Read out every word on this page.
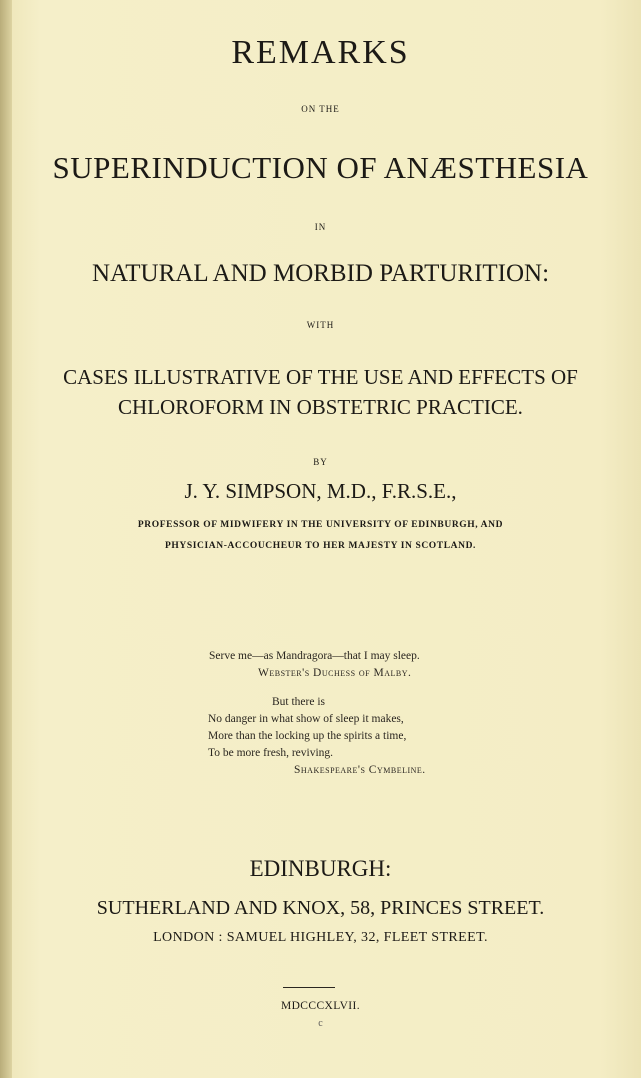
REMARKS
ON THE
SUPERINDUCTION OF ANÆSTHESIA
IN
NATURAL AND MORBID PARTURITION:
WITH
CASES ILLUSTRATIVE OF THE USE AND EFFECTS OF
CHLOROFORM IN OBSTETRIC PRACTICE.
BY
J. Y. SIMPSON, M.D., F.R.S.E.,
PROFESSOR OF MIDWIFERY IN THE UNIVERSITY OF EDINBURGH, AND
PHYSICIAN-ACCOUCHEUR TO HER MAJESTY IN SCOTLAND.
Serve me—as Mandragora—that I may sleep.
Webster's Duchess of Malby.
But there is
No danger in what show of sleep it makes,
More than the locking up the spirits a time,
To be more fresh, reviving.
Shakespeare's Cymbeline.
EDINBURGH:
SUTHERLAND AND KNOX, 58, PRINCES STREET.
LONDON : SAMUEL HIGHLEY, 32, FLEET STREET.
MDCCCXLVII.
c
